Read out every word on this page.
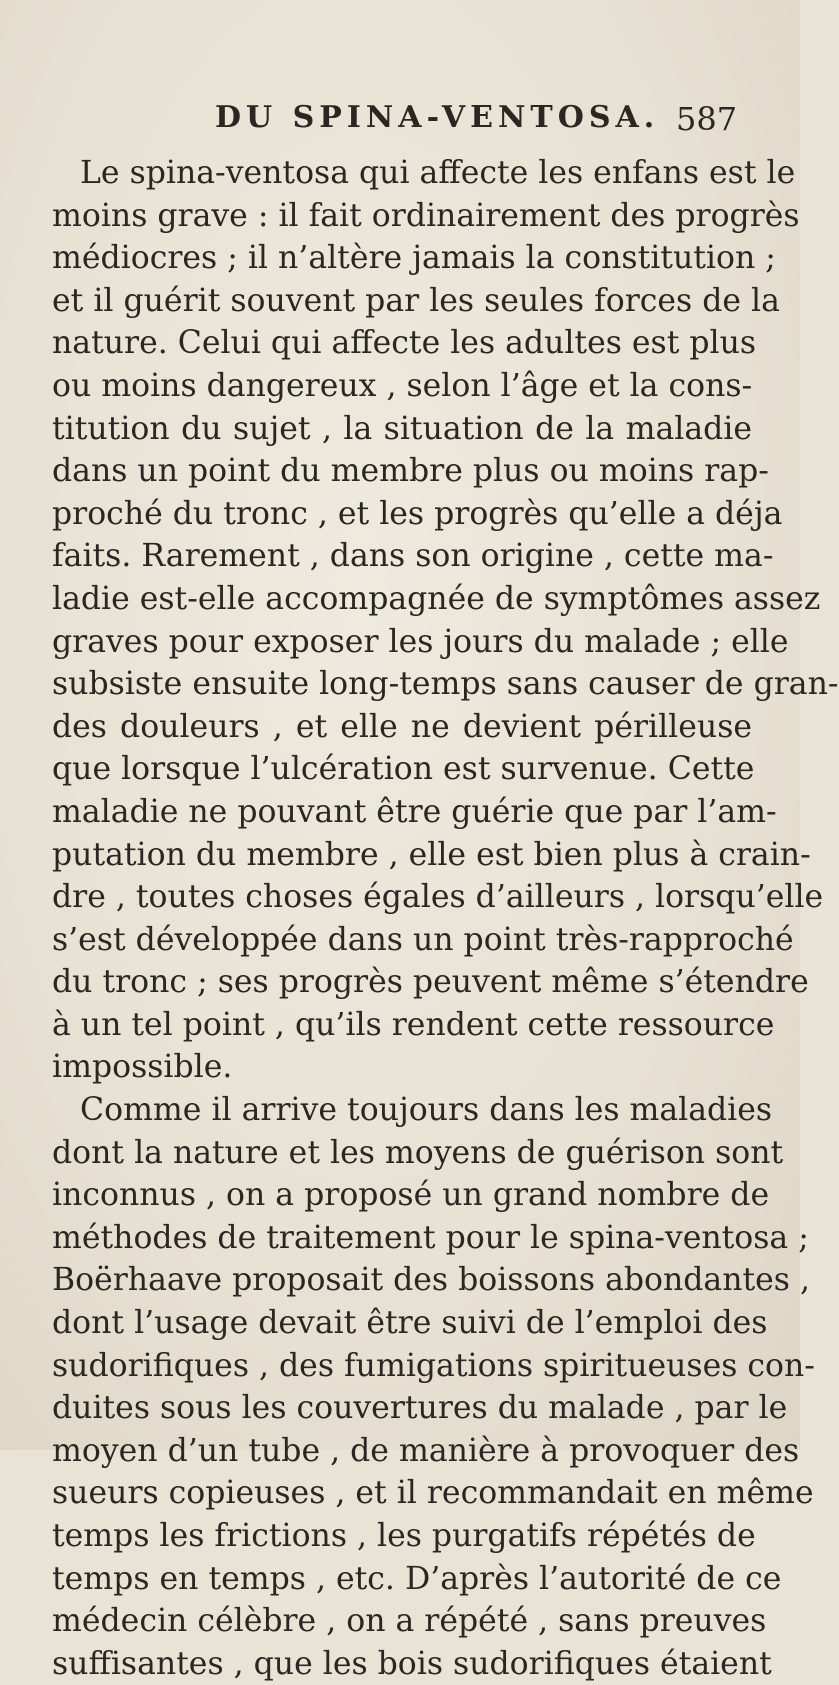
DU SPINA-VENTOSA. 587
Le spina-ventosa qui affecte les enfans est le
moins grave : il fait ordinairement des progrès
médiocres ; il n’altère jamais la constitution ;
et il guérit souvent par les seules forces de la
nature. Celui qui affecte les adultes est plus
ou moins dangereux , selon l’âge et la cons-
titution du sujet , la situation de la maladie
dans un point du membre plus ou moins rap-
proché du tronc , et les progrès qu’elle a déja
faits. Rarement , dans son origine , cette ma-
ladie est-elle accompagnée de symptômes assez
graves pour exposer les jours du malade ; elle
subsiste ensuite long-temps sans causer de gran-
des douleurs , et elle ne devient périlleuse
que lorsque l’ulcération est survenue. Cette
maladie ne pouvant être guérie que par l’am-
putation du membre , elle est bien plus à crain-
dre , toutes choses égales d’ailleurs , lorsqu’elle
s’est développée dans un point très-rapproché
du tronc ; ses progrès peuvent même s’étendre
à un tel point , qu’ils rendent cette ressource
impossible.
Comme il arrive toujours dans les maladies
dont la nature et les moyens de guérison sont
inconnus , on a proposé un grand nombre de
méthodes de traitement pour le spina-ventosa ;
Boërhaave proposait des boissons abondantes ,
dont l’usage devait être suivi de l’emploi des
sudorifiques , des fumigations spiritueuses con-
duites sous les couvertures du malade , par le
moyen d’un tube , de manière à provoquer des
sueurs copieuses , et il recommandait en même
temps les frictions , les purgatifs répétés de
temps en temps , etc. D’après l’autorité de ce
médecin célèbre , on a répété , sans preuves
suffisantes , que les bois sudorifiques étaient
